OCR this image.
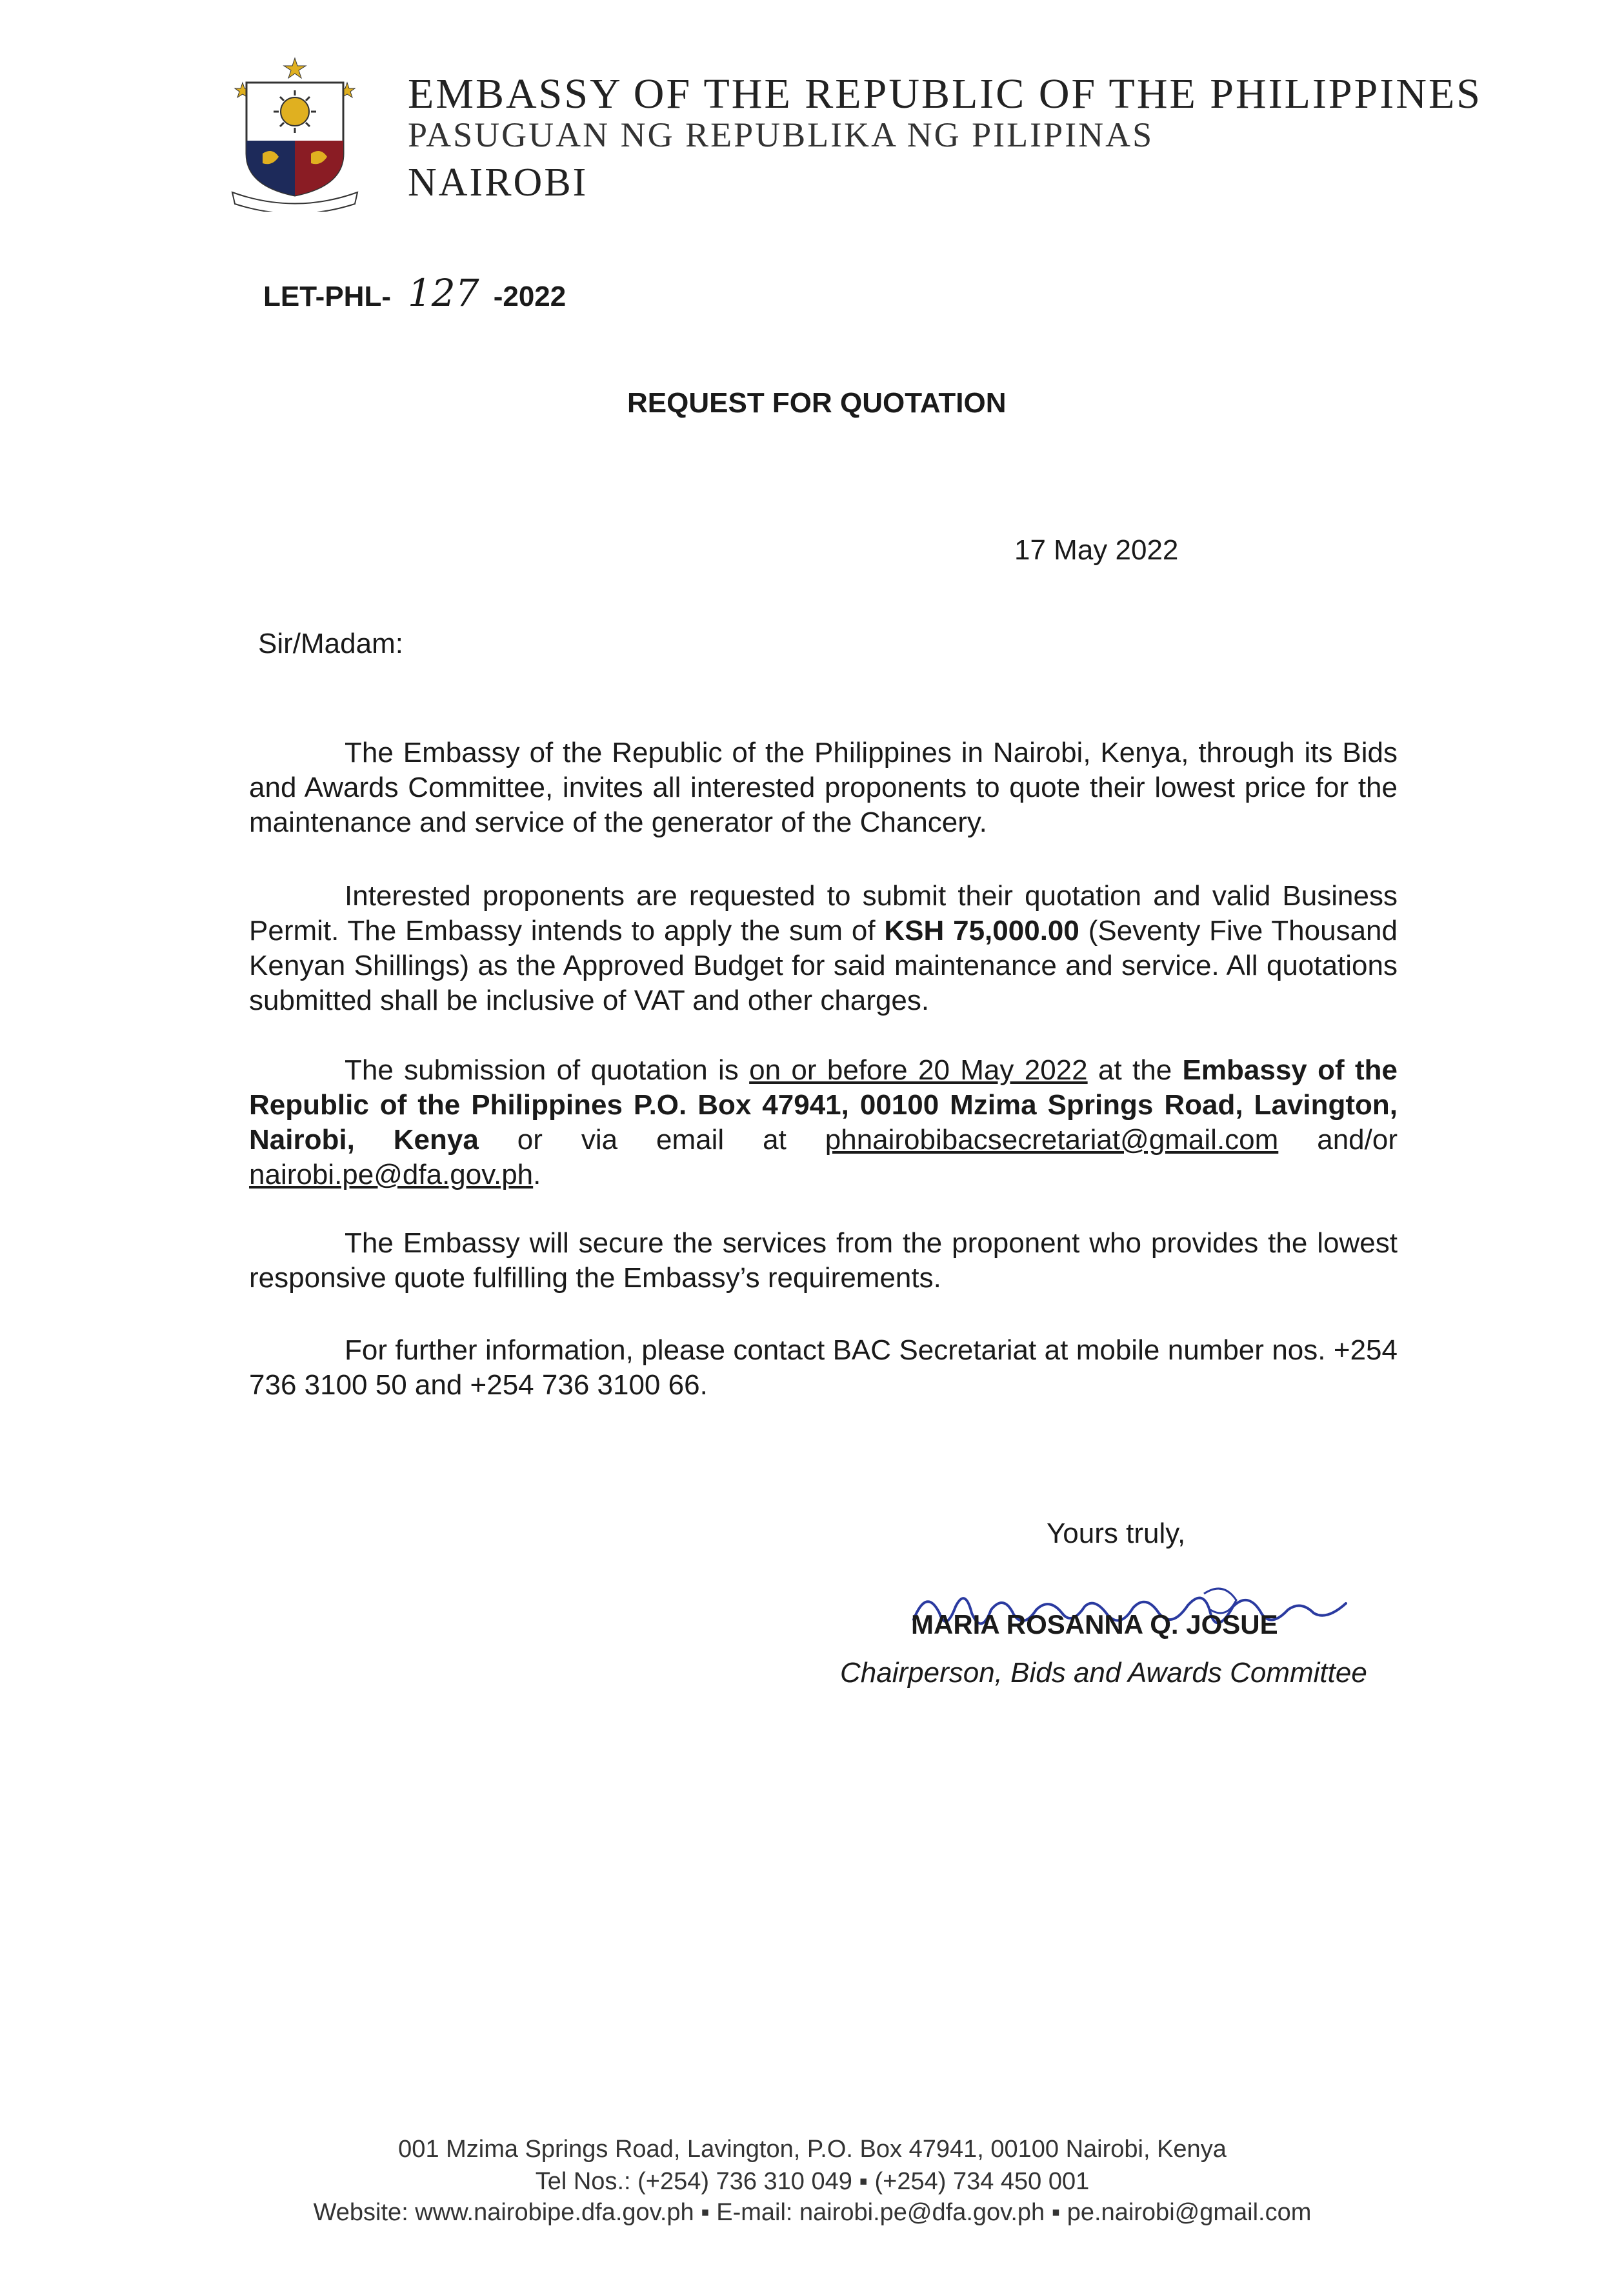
EMBASSY OF THE REPUBLIC OF THE PHILIPPINES
PASUGUAN NG REPUBLIKA NG PILIPINAS
NAIROBI
LET-PHL- 127 -2022
REQUEST FOR QUOTATION
17 May 2022
Sir/Madam:

The Embassy of the Republic of the Philippines in Nairobi, Kenya, through its Bids and Awards Committee, invites all interested proponents to quote their lowest price for the maintenance and service of the generator of the Chancery.

Interested proponents are requested to submit their quotation and valid Business Permit. The Embassy intends to apply the sum of KSH 75,000.00 (Seventy Five Thousand Kenyan Shillings) as the Approved Budget for said maintenance and service. All quotations submitted shall be inclusive of VAT and other charges.

The submission of quotation is on or before 20 May 2022 at the Embassy of the Republic of the Philippines P.O. Box 47941, 00100 Mzima Springs Road, Lavington, Nairobi, Kenya or via email at phnairobibacsecretariat@gmail.com and/or nairobi.pe@dfa.gov.ph.

The Embassy will secure the services from the proponent who provides the lowest responsive quote fulfilling the Embassy’s requirements.

For further information, please contact BAC Secretariat at mobile number nos. +254 736 3100 50 and +254 736 3100 66.

Yours truly,
MARIA ROSANNA Q. JOSUE
Chairperson, Bids and Awards Committee
001 Mzima Springs Road, Lavington, P.O. Box 47941, 00100 Nairobi, Kenya
Tel Nos.: (+254) 736 310 049 ▪ (+254) 734 450 001
Website: www.nairobipe.dfa.gov.ph ▪ E-mail: nairobi.pe@dfa.gov.ph ▪ pe.nairobi@gmail.com
